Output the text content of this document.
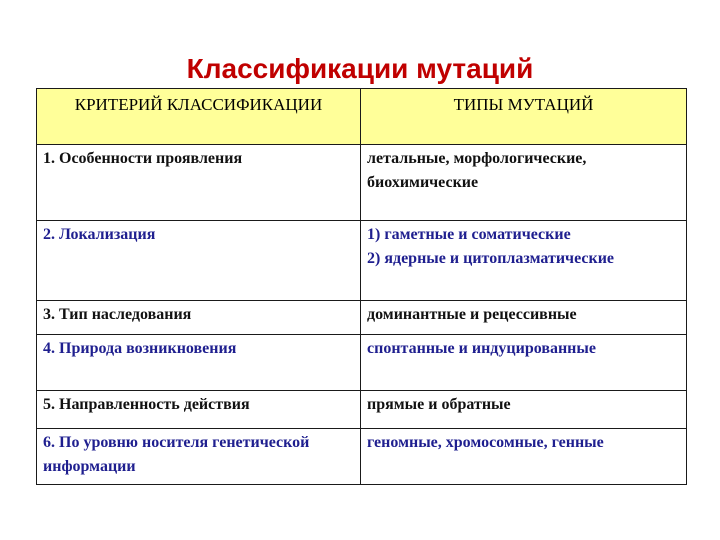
Классификации мутаций
КРИТЕРИЙ КЛАССИФИКАЦИИ	ТИПЫ МУТАЦИЙ
1. Особенности проявления	летальные, морфологические,
биохимические

2. Локализация	1) гаметные и соматические
2) ядерные и цитоплазматические

3. Тип наследования	доминантные и рецессивные

4. Природа возникновения	спонтанные и индуцированные

5. Направленность действия	прямые и обратные

6. По уровню носителя генетической информации	геномные, хромосомные, генные
